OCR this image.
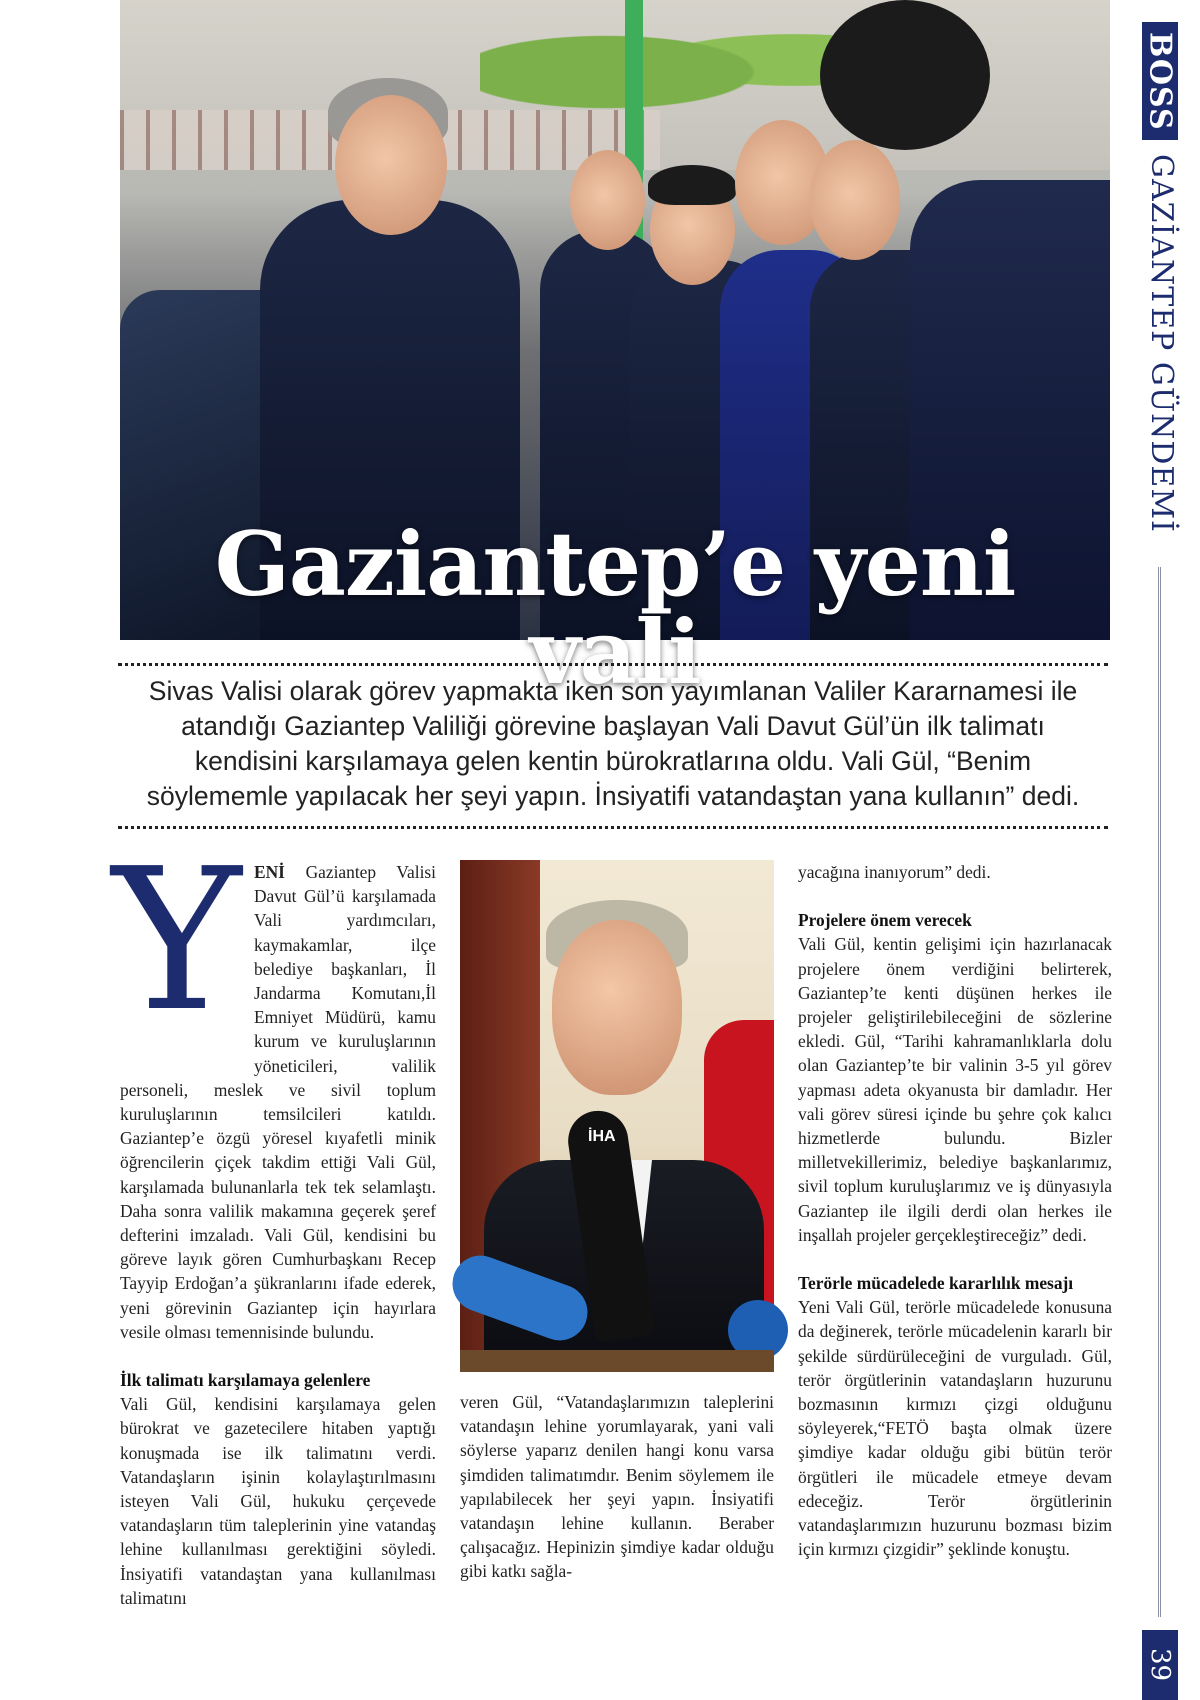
Gaziantep’e yeni vali
BOSS
GAZİANTEP GÜNDEMİ
39

Sivas Valisi olarak görev yapmakta iken son yayımlanan Valiler Kararnamesi ile atandığı Gaziantep Valiliği görevine başlayan Vali Davut Gül’ün ilk talimatı kendisini karşılamaya gelen kentin bürokratlarına oldu. Vali Gül, “Benim söylememle yapılacak her şeyi yapın. İnsiyatifi vatandaştan yana kullanın” dedi.

Y ENİ Gaziantep Valisi Davut Gül’ü karşılamada Vali yardımcıları, kaymakamlar, ilçe belediye başkanları, İl Jandarma Komutanı,İl Emniyet Müdürü, kamu kurum ve kuruluşlarının yöneticileri, valilik personeli, meslek ve sivil toplum kuruluşlarının temsilcileri katıldı. Gaziantep’e özgü yöresel kıyafetli minik öğrencilerin çiçek takdim ettiği Vali Gül, karşılamada bulunanlarla tek tek selamlaştı. Daha sonra valilik makamına geçerek şeref defterini imzaladı. Vali Gül, kendisini bu göreve layık gören Cumhurbaşkanı Recep Tayyip Erdoğan’a şükranlarını ifade ederek, yeni görevinin Gaziantep için hayırlara vesile olması temennisinde bulundu.

İlk talimatı karşılamaya gelenlere

Vali Gül, kendisini karşılamaya gelen bürokrat ve gazetecilere hitaben yaptığı konuşmada ise ilk talimatını verdi. Vatandaşların işinin kolaylaştırılmasını isteyen Vali Gül, hukuku çerçevede vatandaşların tüm taleplerinin yine vatandaş lehine kullanılması gerektiğini söyledi. İnsiyatifi vatandaştan yana kullanılması talimatını

İHA

veren Gül, “Vatandaşlarımızın taleplerini vatandaşın lehine yorumlayarak, yani vali söylerse yaparız denilen hangi konu varsa şimdiden talimatımdır. Benim söylemem ile yapılabilecek her şeyi yapın. İnsiyatifi vatandaşın lehine kullanın. Beraber çalışacağız. Hepinizin şimdiye kadar olduğu gibi katkı sağla-

yacağına inanıyorum” dedi.

Projelere önem verecek

Vali Gül, kentin gelişimi için hazırlanacak projelere önem verdiğini belirterek, Gaziantep’te kenti düşünen herkes ile projeler geliştirilebileceğini de sözlerine ekledi. Gül, “Tarihi kahramanlıklarla dolu olan Gaziantep’te bir valinin 3-5 yıl görev yapması adeta okyanusta bir damladır. Her vali görev süresi içinde bu şehre çok kalıcı hizmetlerde bulundu. Bizler milletvekillerimiz, belediye başkanlarımız, sivil toplum kuruluşlarımız ve iş dünyasıyla Gaziantep ile ilgili derdi olan herkes ile inşallah projeler gerçekleştireceğiz” dedi.

Terörle mücadelede kararlılık mesajı

Yeni Vali Gül, terörle mücadelede konusuna da değinerek, terörle mücadelenin kararlı bir şekilde sürdürüleceğini de vurguladı. Gül, terör örgütlerinin vatandaşların huzurunu bozmasının kırmızı çizgi olduğunu söyleyerek,“FETÖ başta olmak üzere şimdiye kadar olduğu gibi bütün terör örgütleri ile mücadele etmeye devam edeceğiz. Terör örgütlerinin vatandaşlarımızın huzurunu bozması bizim için kırmızı çizgidir” şeklinde konuştu.
